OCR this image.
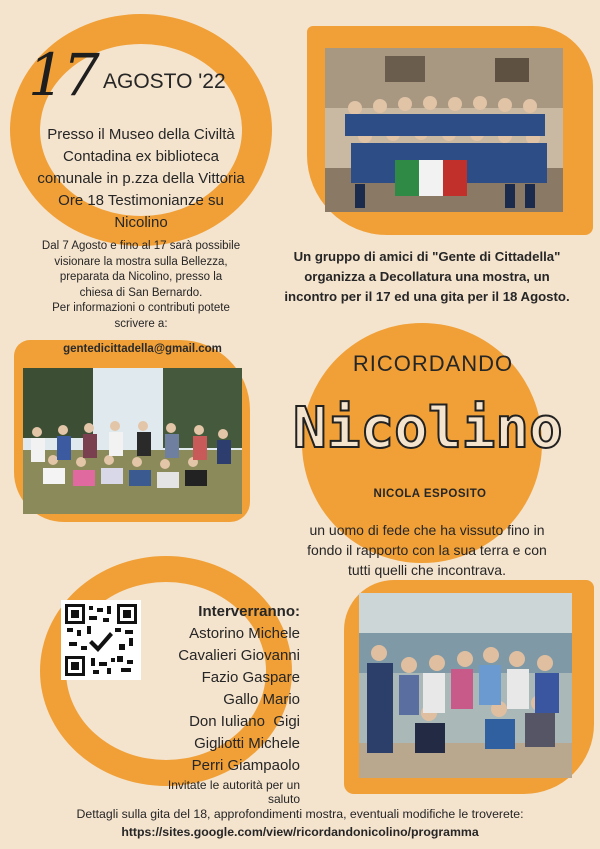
17 AGOSTO '22
Presso il Museo della Civiltà
Contadina ex biblioteca
comunale in p.zza della Vittoria
Ore 18 Testimonianze su
Nicolino
Dal 7 Agosto e fino al 17 sarà possibile
visionare la mostra sulla Bellezza,
preparata da Nicolino, presso la
chiesa di San Bernardo.
Per informazioni o contributi potete
scrivere a:
gentedicittadella@gmail.com
Un gruppo di amici di "Gente di Cittadella"
organizza a Decollatura una mostra, un
incontro per il 17 ed una gita per il 18 Agosto.
RICORDANDO
Nicolino
NICOLA ESPOSITO
un uomo di fede che ha vissuto fino in
fondo il rapporto con la sua terra e con
tutti quelli che incontrava.
Interverranno:
Astorino Michele
Cavalieri Giovanni
Fazio Gaspare
Gallo Mario
Don Iuliano  Gigi
Gigliotti Michele
Perri Giampaolo
Invitate le autorità per un saluto
Dettagli sulla gita del 18, approfondimenti mostra, eventuali modifiche le troverete:
https://sites.google.com/view/ricordandonicolino/programma
